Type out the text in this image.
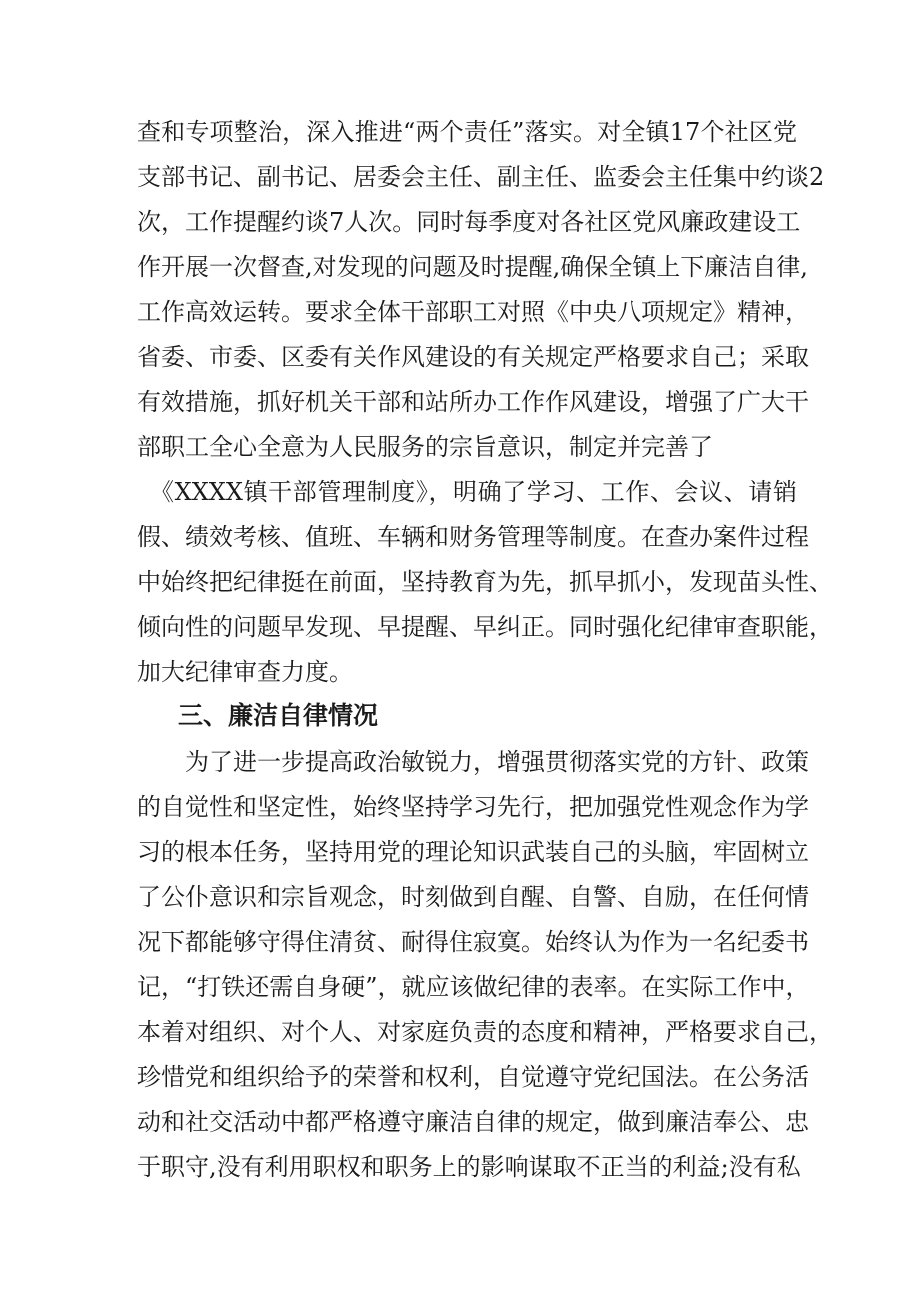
查和专项整治，深入推进“两个责任”落实。对全镇17个社区党
支部书记、副书记、居委会主任、副主任、监委会主任集中约谈2
次，工作提醒约谈7人次。同时每季度对各社区党风廉政建设工
作开展一次督查,对发现的问题及时提醒,确保全镇上下廉洁自律,
工作高效运转。要求全体干部职工对照《中央八项规定》精神，
省委、市委、区委有关作风建设的有关规定严格要求自己；采取
有效措施，抓好机关干部和站所办工作作风建设，增强了广大干
部职工全心全意为人民服务的宗旨意识，制定并完善了
《XXXX镇干部管理制度》，明确了学习、工作、会议、请销
假、绩效考核、值班、车辆和财务管理等制度。在查办案件过程
中始终把纪律挺在前面，坚持教育为先，抓早抓小，发现苗头性、
倾向性的问题早发现、早提醒、早纠正。同时强化纪律审查职能，
加大纪律审查力度。
三、廉洁自律情况
为了进一步提高政治敏锐力，增强贯彻落实党的方针、政策
的自觉性和坚定性，始终坚持学习先行，把加强党性观念作为学
习的根本任务，坚持用党的理论知识武装自己的头脑，牢固树立
了公仆意识和宗旨观念，时刻做到自醒、自警、自励，在任何情
况下都能够守得住清贫、耐得住寂寞。始终认为作为一名纪委书
记，“打铁还需自身硬”，就应该做纪律的表率。在实际工作中，
本着对组织、对个人、对家庭负责的态度和精神，严格要求自己，
珍惜党和组织给予的荣誉和权利，自觉遵守党纪国法。在公务活
动和社交活动中都严格遵守廉洁自律的规定，做到廉洁奉公、忠
于职守,没有利用职权和职务上的影响谋取不正当的利益;没有私
